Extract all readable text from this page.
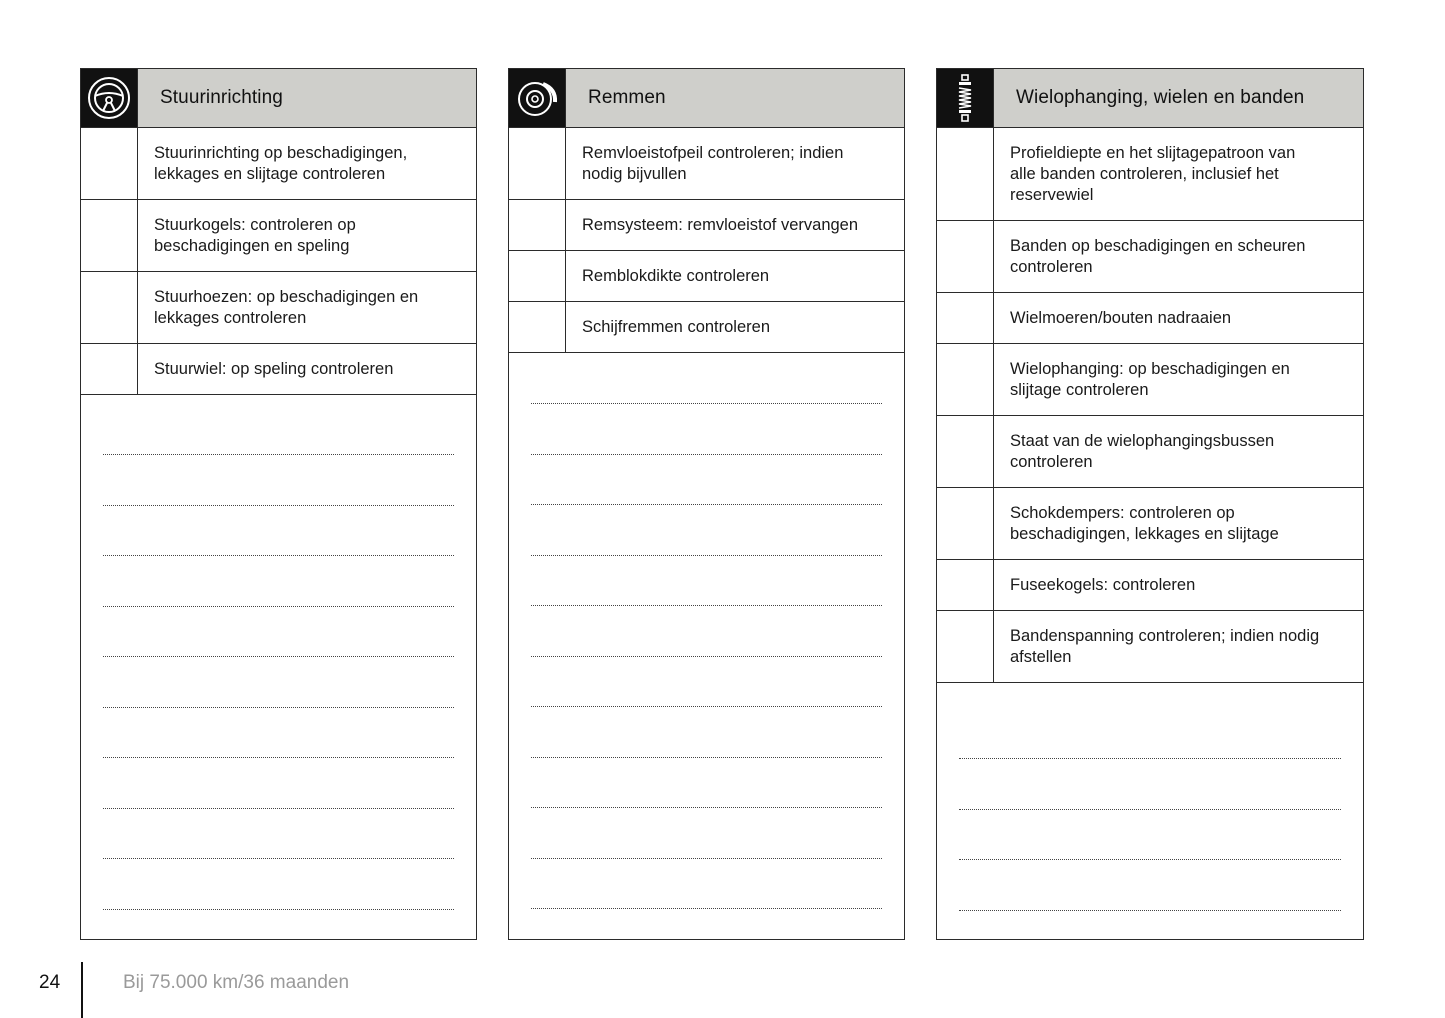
Stuurinrichting
Stuurinrichting op beschadigingen,
lekkages en slijtage controleren
Stuurkogels: controleren op
beschadigingen en speling
Stuurhoezen: op beschadigingen en
lekkages controleren
Stuurwiel: op speling controleren
Remmen
Remvloeistofpeil controleren; indien
nodig bijvullen
Remsysteem: remvloeistof vervangen
Remblokdikte controleren
Schijfremmen controleren
Wielophanging, wielen en banden
Profieldiepte en het slijtagepatroon van
alle banden controleren, inclusief het
reservewiel
Banden op beschadigingen en scheuren
controleren
Wielmoeren/bouten nadraaien
Wielophanging: op beschadigingen en
slijtage controleren
Staat van de wielophangingsbussen
controleren
Schokdempers: controleren op
beschadigingen, lekkages en slijtage
Fuseekogels: controleren
Bandenspanning controleren; indien nodig
afstellen
24	Bij 75.000 km/36 maanden
